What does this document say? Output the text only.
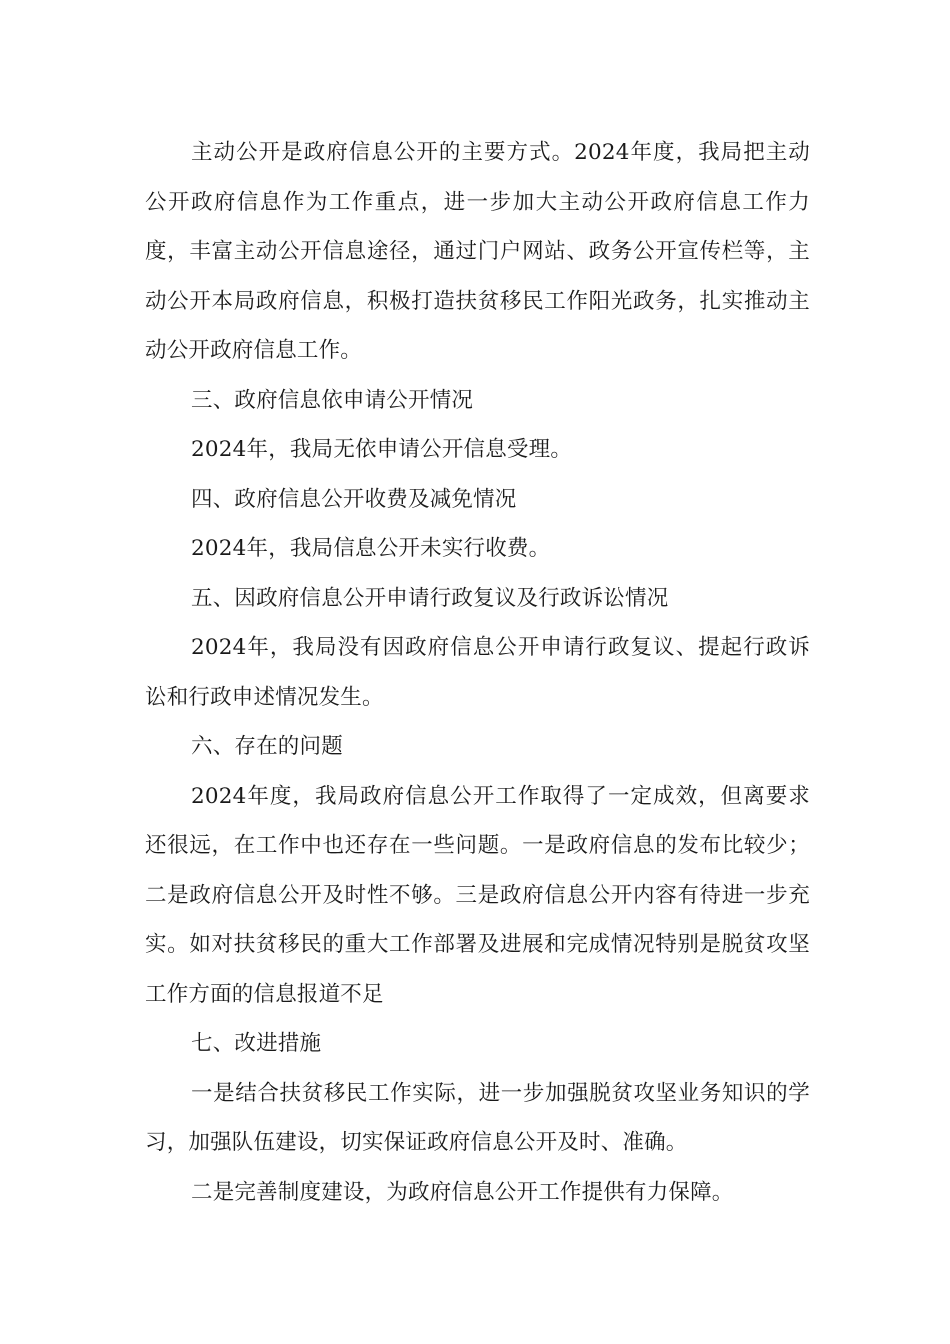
主动公开是政府信息公开的主要方式。2024年度，我局把主动公开政府信息作为工作重点，进一步加大主动公开政府信息工作力度，丰富主动公开信息途径，通过门户网站、政务公开宣传栏等，主动公开本局政府信息，积极打造扶贫移民工作阳光政务，扎实推动主动公开政府信息工作。

三、政府信息依申请公开情况

2024年，我局无依申请公开信息受理。

四、政府信息公开收费及减免情况

2024年，我局信息公开未实行收费。

五、因政府信息公开申请行政复议及行政诉讼情况

2024年，我局没有因政府信息公开申请行政复议、提起行政诉讼和行政申述情况发生。

六、存在的问题

2024年度，我局政府信息公开工作取得了一定成效，但离要求还很远，在工作中也还存在一些问题。一是政府信息的发布比较少；二是政府信息公开及时性不够。三是政府信息公开内容有待进一步充实。如对扶贫移民的重大工作部署及进展和完成情况特别是脱贫攻坚工作方面的信息报道不足

七、改进措施

一是结合扶贫移民工作实际，进一步加强脱贫攻坚业务知识的学习，加强队伍建设，切实保证政府信息公开及时、准确。

二是完善制度建设，为政府信息公开工作提供有力保障。
